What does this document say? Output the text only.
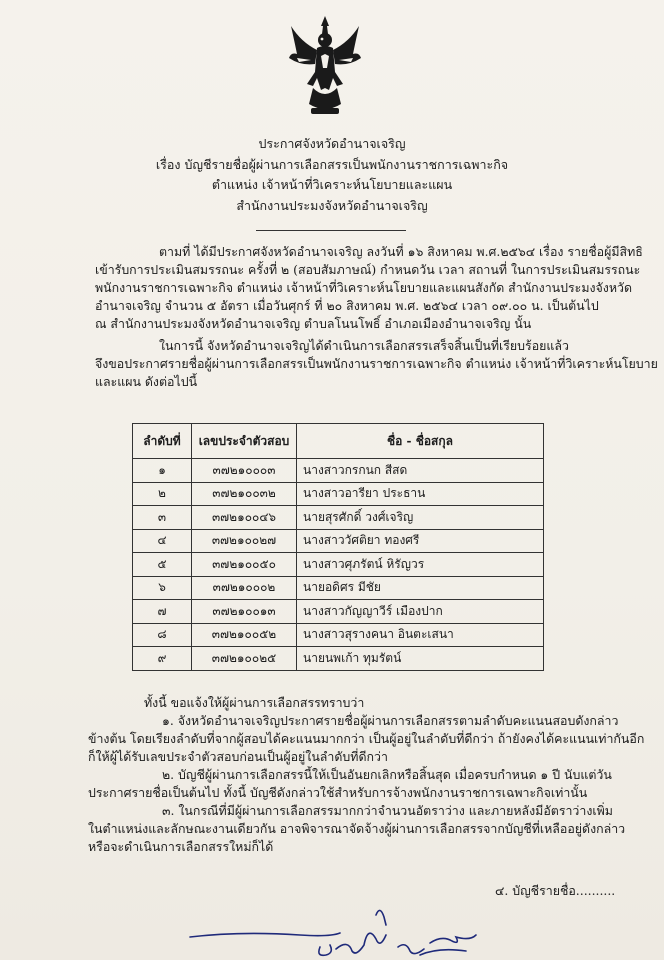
ประกาศจังหวัดอำนาจเจริญ
เรื่อง บัญชีรายชื่อผู้ผ่านการเลือกสรรเป็นพนักงานราชการเฉพาะกิจ
ตำแหน่ง เจ้าหน้าที่วิเคราะห์นโยบายและแผน
สำนักงานประมงจังหวัดอำนาจเจริญ
ตามที่ ได้มีประกาศจังหวัดอำนาจเจริญ ลงวันที่ ๑๖ สิงหาคม พ.ศ.๒๕๖๔ เรื่อง รายชื่อผู้มีสิทธิ
เข้ารับการประเมินสมรรถนะ ครั้งที่ ๒ (สอบสัมภาษณ์) กำหนดวัน เวลา สถานที่ ในการประเมินสมรรถนะ
พนักงานราชการเฉพาะกิจ ตำแหน่ง เจ้าหน้าที่วิเคราะห์นโยบายและแผนสังกัด สำนักงานประมงจังหวัด
อำนาจเจริญ จำนวน ๕ อัตรา เมื่อวันศุกร์ ที่ ๒๐ สิงหาคม พ.ศ. ๒๕๖๔ เวลา ๐๙.๐๐ น. เป็นต้นไป
ณ สำนักงานประมงจังหวัดอำนาจเจริญ ตำบลโนนโพธิ์ อำเภอเมืองอำนาจเจริญ นั้น
ในการนี้ จังหวัดอำนาจเจริญได้ดำเนินการเลือกสรรเสร็จสิ้นเป็นที่เรียบร้อยแล้ว
จึงขอประกาศรายชื่อผู้ผ่านการเลือกสรรเป็นพนักงานราชการเฉพาะกิจ ตำแหน่ง เจ้าหน้าที่วิเคราะห์นโยบาย
และแผน ดังต่อไปนี้
ลำดับที่	เลขประจำตัวสอบ	ชื่อ - ชื่อสกุล
๑	๓๗๒๑๐๐๐๓	นางสาวกรกนก สีสด
๒	๓๗๒๑๐๐๓๒	นางสาวอารียา ประธาน
๓	๓๗๒๑๐๐๔๖	นายสุรศักดิ์ วงศ์เจริญ
๔	๓๗๒๑๐๐๒๗	นางสาววัศติยา ทองศรี
๕	๓๗๒๑๐๐๕๐	นางสาวศุภรัตน์ หิรัญวร
๖	๓๗๒๑๐๐๐๒	นายอดิศร มีชัย
๗	๓๗๒๑๐๐๑๓	นางสาวกัญญาวีร์ เมืองปาก
๘	๓๗๒๑๐๐๕๒	นางสาวสุรางคนา อินตะเสนา
๙	๓๗๒๑๐๐๒๕	นายนพเก้า ทุมรัตน์
ทั้งนี้ ขอแจ้งให้ผู้ผ่านการเลือกสรรทราบว่า
๑. จังหวัดอำนาจเจริญประกาศรายชื่อผู้ผ่านการเลือกสรรตามลำดับคะแนนสอบดังกล่าว
ข้างต้น โดยเรียงลำดับที่จากผู้สอบได้คะแนนมากกว่า เป็นผู้อยู่ในลำดับที่ดีกว่า ถ้ายังคงได้คะแนนเท่ากันอีก
ก็ให้ผู้ได้รับเลขประจำตัวสอบก่อนเป็นผู้อยู่ในลำดับที่ดีกว่า
๒. บัญชีผู้ผ่านการเลือกสรรนี้ให้เป็นอันยกเลิกหรือสิ้นสุด เมื่อครบกำหนด ๑ ปี นับแต่วัน
ประกาศรายชื่อเป็นต้นไป ทั้งนี้ บัญชีดังกล่าวใช้สำหรับการจ้างพนักงานราชการเฉพาะกิจเท่านั้น
๓. ในกรณีที่มีผู้ผ่านการเลือกสรรมากกว่าจำนวนอัตราว่าง และภายหลังมีอัตราว่างเพิ่ม
ในตำแหน่งและลักษณะงานเดียวกัน อาจพิจารณาจัดจ้างผู้ผ่านการเลือกสรรจากบัญชีที่เหลืออยู่ดังกล่าว
หรือจะดำเนินการเลือกสรรใหม่ก็ได้
๔. บัญชีรายชื่อ..........
